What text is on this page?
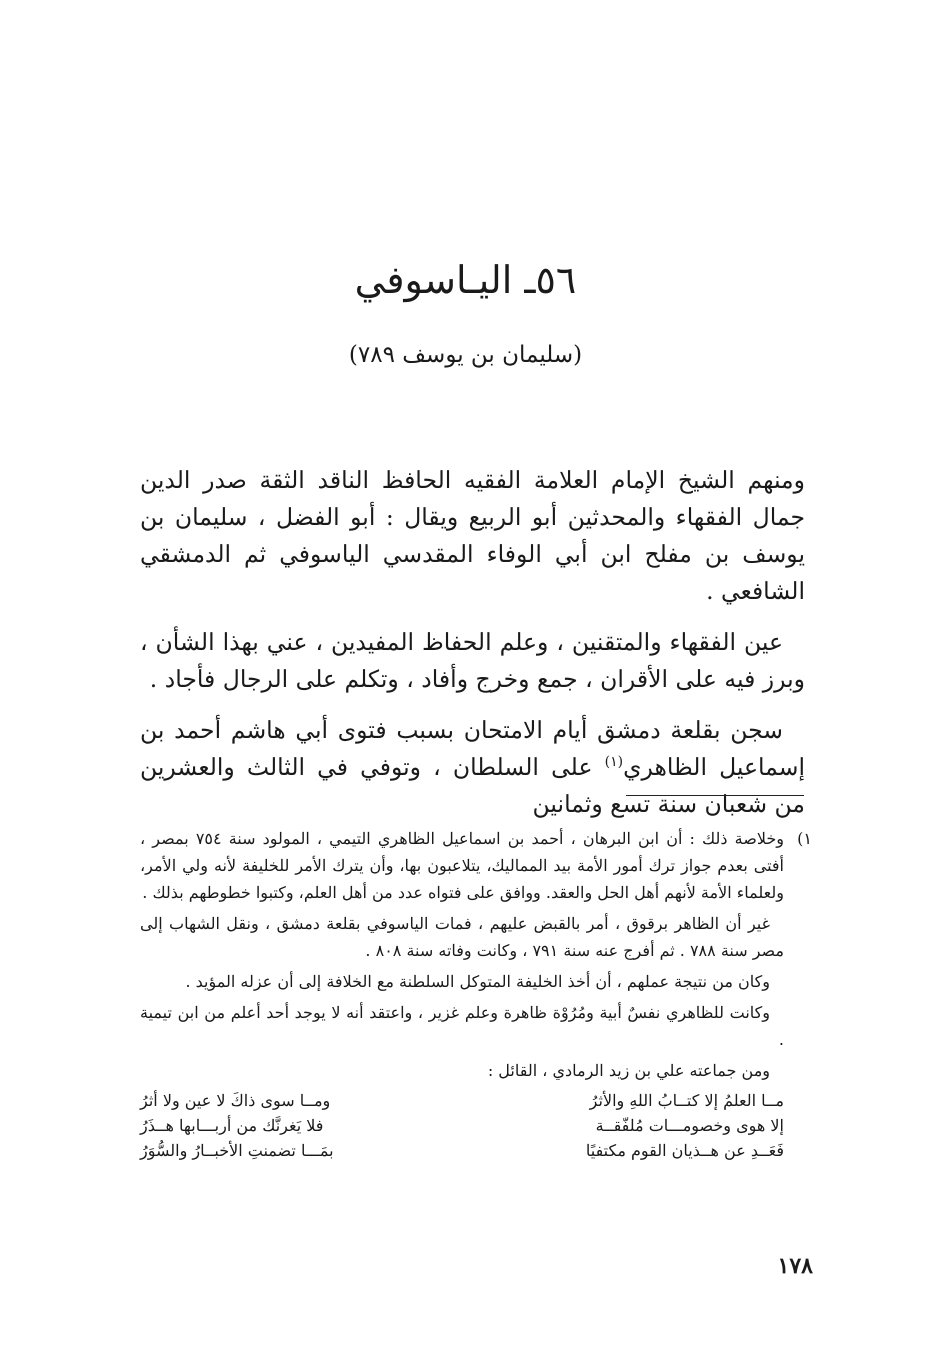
٥٦ـ اليـاسوفي
(سليمان بن يوسف ٧٨٩)

ومنهم الشيخ الإمام العلامة الفقيه الحافظ الناقد الثقة صدر الدين جمال الفقهاء والمحدثين أبو الربيع ويقال : أبو الفضل ، سليمان بن يوسف بن مفلح ابن أبي الوفاء المقدسي الياسوفي ثم الدمشقي الشافعي .

عين الفقهاء والمتقنين ، وعلم الحفاظ المفيدين ، عني بهذا الشأن ، وبرز فيه على الأقران ، جمع وخرج وأفاد ، وتكلم على الرجال فأجاد .

سجن بقلعة دمشق أيام الامتحان بسبب فتوى أبي هاشم أحمد بن إسماعيل الظاهري$^{(١)}$ على السلطان ، وتوفي في الثالث والعشرين من شعبان سنة تسع وثمانين

١)

وخلاصة ذلك : أن ابن البرهان ، أحمد بن اسماعيل الظاهري التيمي ، المولود سنة ٧٥٤ بمصر ، أفتى بعدم جواز ترك أمور الأمة بيد المماليك، يتلاعبون بها، وأن يترك الأمر للخليفة لأنه ولي الأمر، ولعلماء الأمة لأنهم أهل الحل والعقد. ووافق على فتواه عدد من أهل العلم، وكتبوا خطوطهم بذلك .

غير أن الظاهر برقوق ، أمر بالقبض عليهم ، فمات الياسوفي بقلعة دمشق ، ونقل الشهاب إلى مصر سنة ٧٨٨ . ثم أفرج عنه سنة ٧٩١ ، وكانت وفاته سنة ٨٠٨ .

وكان من نتيجة عملهم ، أن أخذ الخليفة المتوكل السلطنة مع الخلافة إلى أن عزله المؤيد .

وكانت للظاهري نفسٌ أبية ومُرُوْة ظاهرة وعلم غزير ، واعتقد أنه لا يوجد أحد أعلم من ابن تيمية .

ومن جماعته علي بن زيد الرمادي ، القائل :

مــا العلمُ إلا كتــابُ اللهِ والأثرُ
ومــا سوى ذاكَ لا عين ولا أثرُ
إلا هوى وخصومـــات مُلفّقــة
فلا يَغرنَّك من أربـــابها هــذَرُ
فَعَــدِ عن هــذيان القوم مكتفيًا
بمَـــا تضمنتِ الأخبــارُ والسُّوَرُ
١٧٨
